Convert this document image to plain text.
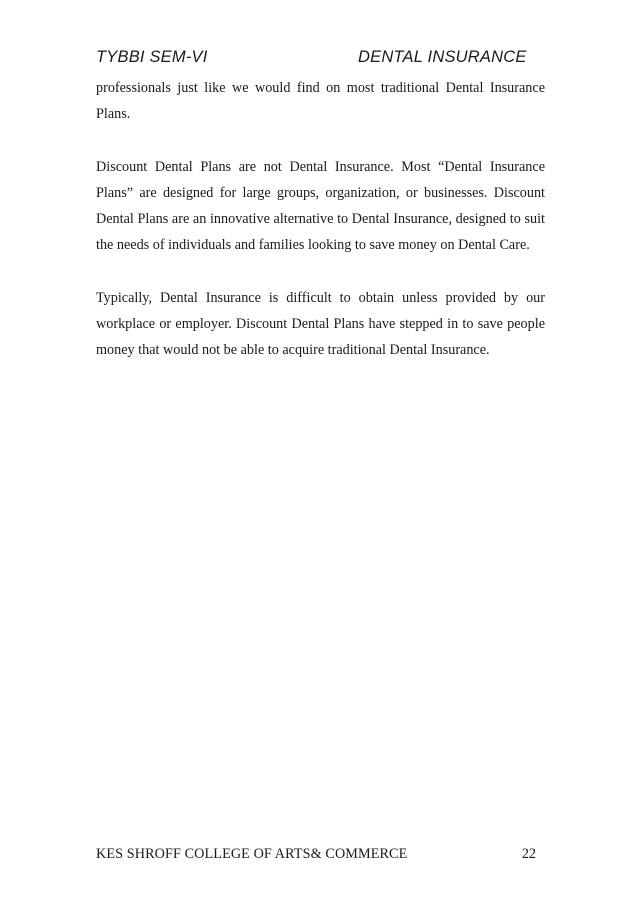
TYBBI SEM-VI	DENTAL INSURANCE

professionals just like we would find on most traditional Dental Insurance Plans.

Discount Dental Plans are not Dental Insurance. Most “Dental Insurance Plans” are designed for large groups, organization, or businesses. Discount Dental Plans are an innovative alternative to Dental Insurance, designed to suit the needs of individuals and families looking to save money on Dental Care.

Typically, Dental Insurance is difficult to obtain unless provided by our workplace or employer. Discount Dental Plans have stepped in to save people money that would not be able to acquire traditional Dental Insurance.

KES SHROFF COLLEGE OF ARTS& COMMERCE	22
